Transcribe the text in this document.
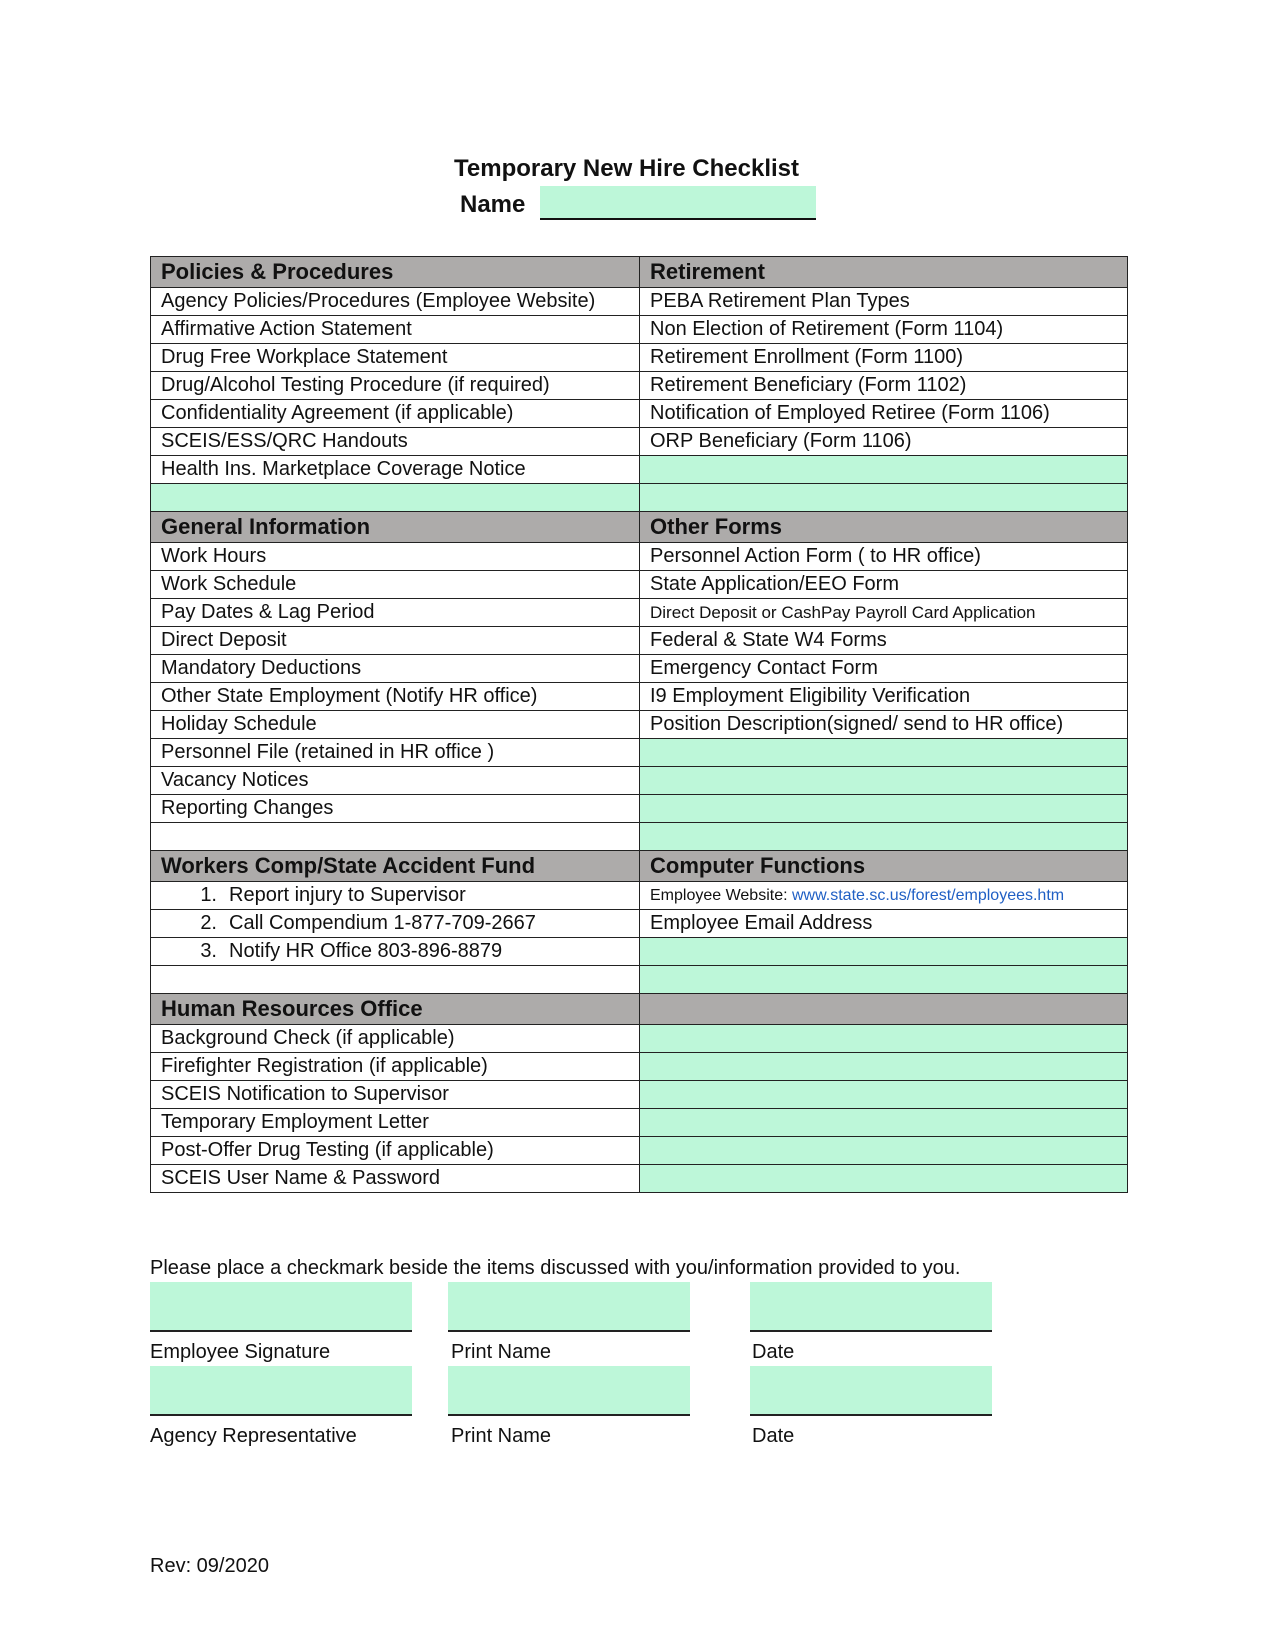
Temporary New Hire Checklist
Name
Policies & Procedures	Retirement
Agency Policies/Procedures (Employee Website)	PEBA Retirement Plan Types
Affirmative Action Statement	Non Election of Retirement (Form 1104)
Drug Free Workplace Statement	Retirement Enrollment (Form 1100)
Drug/Alcohol Testing Procedure (if required)	Retirement Beneficiary (Form 1102)
Confidentiality Agreement (if applicable)	Notification of Employed Retiree (Form 1106)
SCEIS/ESS/QRC Handouts	ORP Beneficiary (Form 1106)
Health Ins. Marketplace Coverage Notice	

General Information	Other Forms
Work Hours	Personnel Action Form ( to HR office)
Work Schedule	State Application/EEO Form
Pay Dates & Lag Period	Direct Deposit or CashPay Payroll Card Application
Direct Deposit	Federal & State W4 Forms
Mandatory Deductions	Emergency Contact Form
Other State Employment (Notify HR office)	I9 Employment Eligibility Verification
Holiday Schedule	Position Description(signed/ send to HR office)
Personnel File (retained in HR office )	
Vacancy Notices	
Reporting Changes	

Workers Comp/State Accident Fund	Computer Functions
1. Report injury to Supervisor	Employee Website: www.state.sc.us/forest/employees.htm
2. Call Compendium 1-877-709-2667	Employee Email Address
3. Notify HR Office 803-896-8879	

Human Resources Office	
Background Check (if applicable)	
Firefighter Registration (if applicable)	
SCEIS Notification to Supervisor	
Temporary Employment Letter	
Post-Offer Drug Testing (if applicable)	
SCEIS User Name & Password	
Please place a checkmark beside the items discussed with you/information provided to you.
Employee Signature	Print Name	Date
Agency Representative	Print Name	Date
Rev: 09/2020
